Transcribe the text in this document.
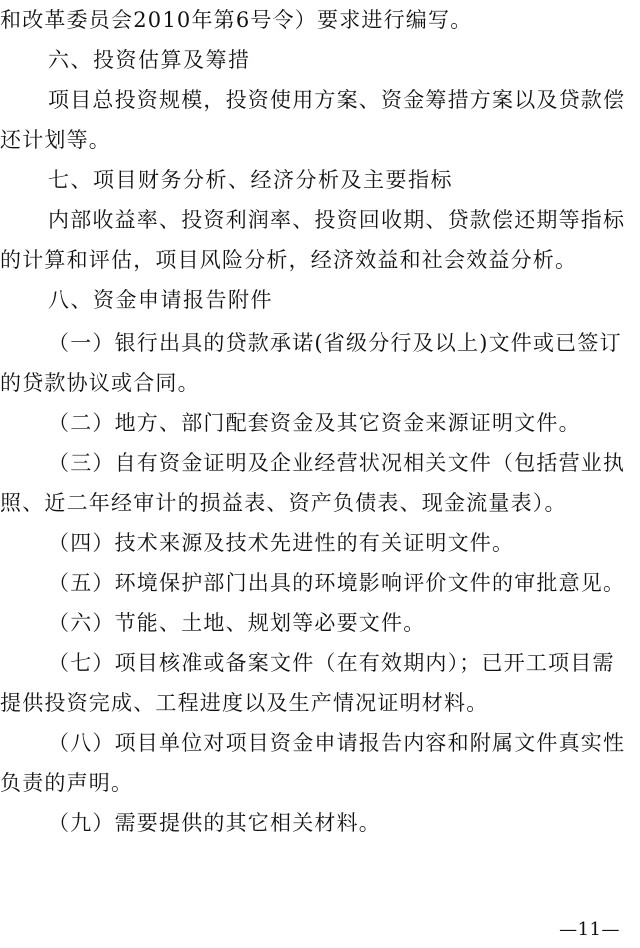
和改革委员会2010年第6号令）要求进行编写。
六、投资估算及筹措
项目总投资规模，投资使用方案、资金筹措方案以及贷款偿
还计划等。
七、项目财务分析、经济分析及主要指标
内部收益率、投资利润率、投资回收期、贷款偿还期等指标
的计算和评估，项目风险分析，经济效益和社会效益分析。
八、资金申请报告附件
（一）银行出具的贷款承诺(省级分行及以上)文件或已签订
的贷款协议或合同。
（二）地方、部门配套资金及其它资金来源证明文件。
（三）自有资金证明及企业经营状况相关文件（包括营业执
照、近二年经审计的损益表、资产负债表、现金流量表）。
（四）技术来源及技术先进性的有关证明文件。
（五）环境保护部门出具的环境影响评价文件的审批意见。
（六）节能、土地、规划等必要文件。
（七）项目核准或备案文件（在有效期内）；已开工项目需
提供投资完成、工程进度以及生产情况证明材料。
（八）项目单位对项目资金申请报告内容和附属文件真实性
负责的声明。
（九）需要提供的其它相关材料。
—11—
